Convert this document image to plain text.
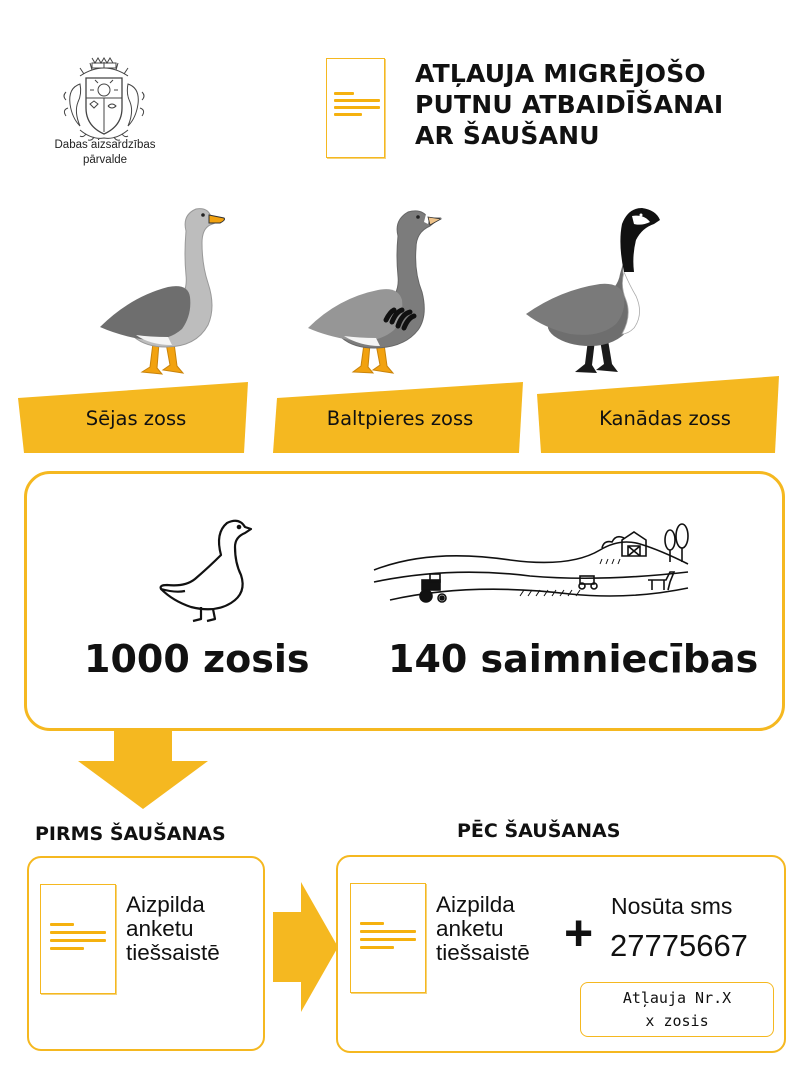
Dabas aizsardzības
pārvalde
ATĻAUJA MIGRĒJOŠO
PUTNU ATBAIDĪŠANAI
AR ŠAUŠANU
Sējas zoss	Baltpieres zoss	Kanādas zoss
1000 zosis 140 saimniecības
PIRMS ŠAUŠANAS	PĒC ŠAUŠANAS
Aizpilda
anketu
tiešsaistē
Aizpilda
anketu
tiešsaistē + Nosūta sms
27775667
Atļauja Nr.X
x zosis
